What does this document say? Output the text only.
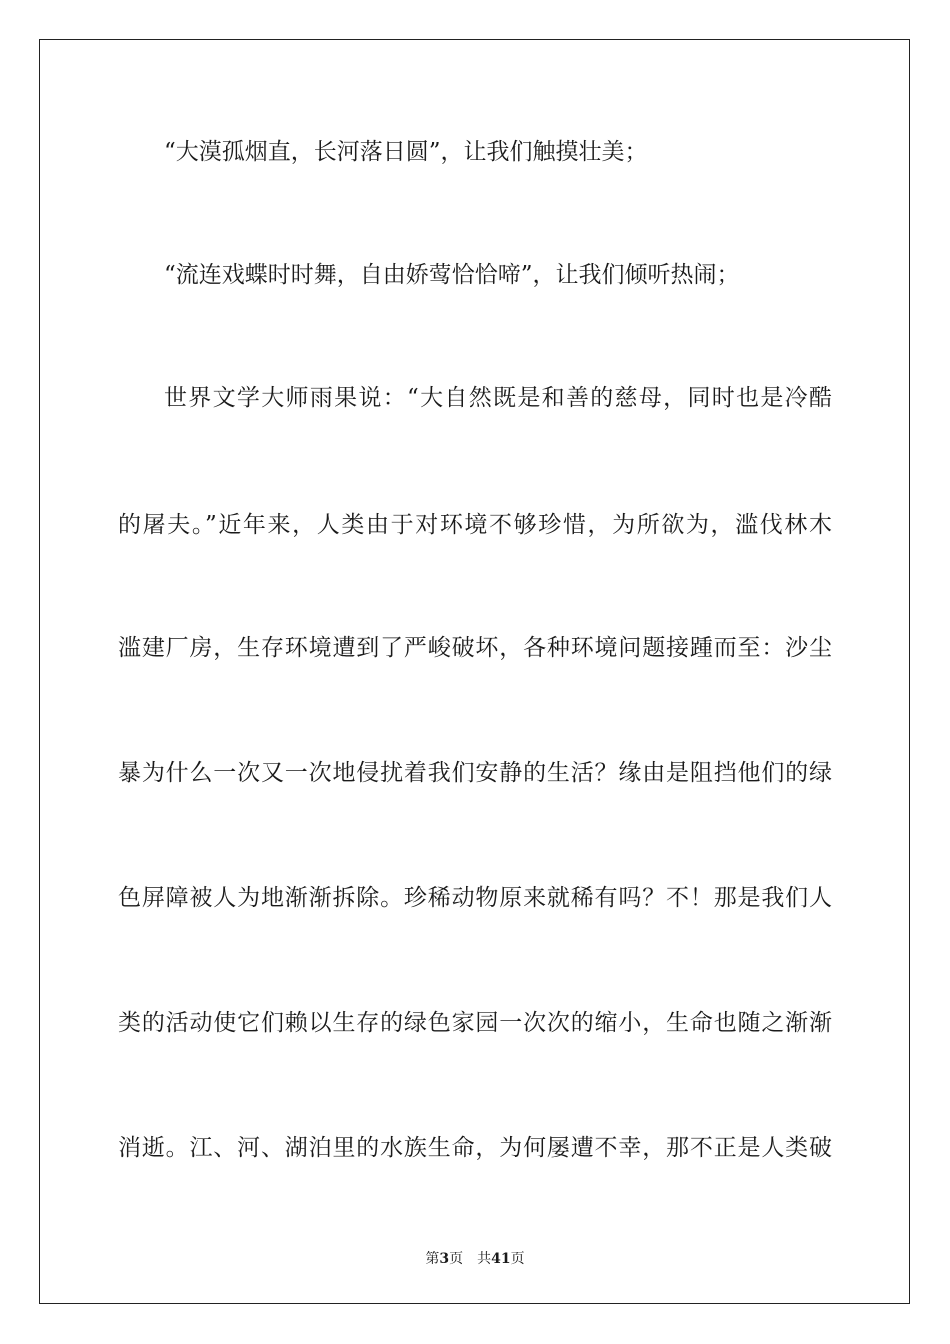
“大漠孤烟直，长河落日圆”，让我们触摸壮美；
“流连戏蝶时时舞，自由娇莺恰恰啼”，让我们倾听热闹；
世界文学大师雨果说：“大自然既是和善的慈母，同时也是冷酷
的屠夫。”近年来，人类由于对环境不够珍惜，为所欲为，滥伐林木
滥建厂房，生存环境遭到了严峻破坏，各种环境问题接踵而至：沙尘
暴为什么一次又一次地侵扰着我们安静的生活？缘由是阻挡他们的绿
色屏障被人为地渐渐拆除。珍稀动物原来就稀有吗？不！那是我们人
类的活动使它们赖以生存的绿色家园一次次的缩小，生命也随之渐渐
消逝。江、河、湖泊里的水族生命，为何屡遭不幸，那不正是人类破
第3页 共41页
